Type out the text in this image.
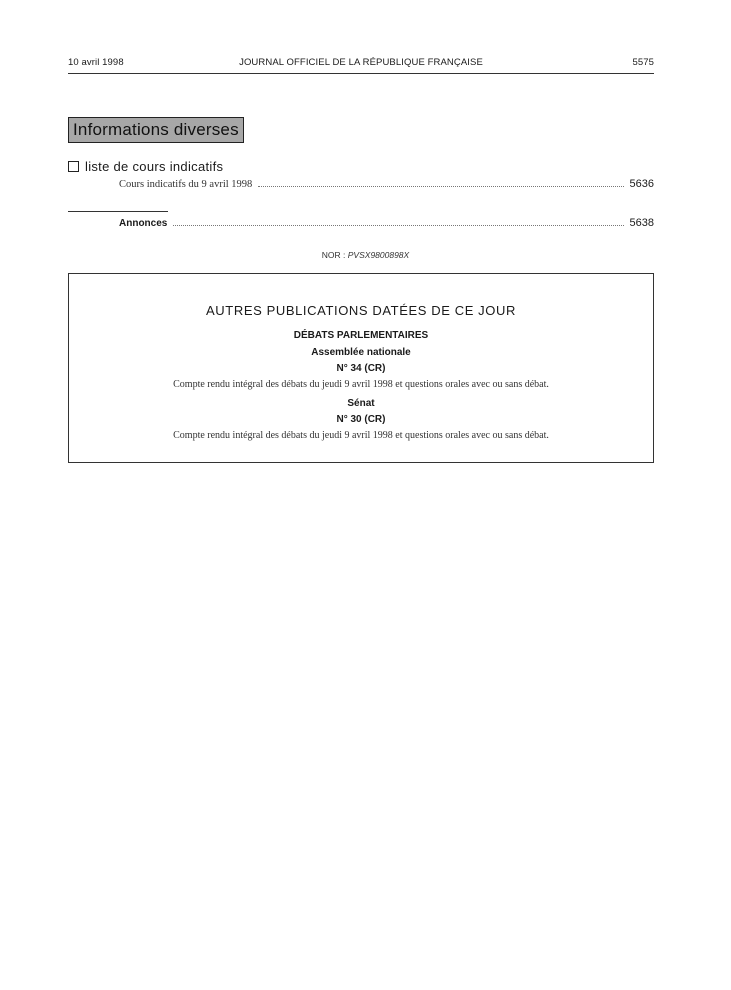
10 avril 1998	JOURNAL OFFICIEL DE LA RÉPUBLIQUE FRANÇAISE	5575
Informations diverses
liste de cours indicatifs
Cours indicatifs du 9 avril 1998	5636
Annonces	5638
NOR : PVSX9800898X
AUTRES PUBLICATIONS DATÉES DE CE JOUR
DÉBATS PARLEMENTAIRES
Assemblée nationale
N° 34 (CR)
Compte rendu intégral des débats du jeudi 9 avril 1998 et questions orales avec ou sans débat.
Sénat
N° 30 (CR)
Compte rendu intégral des débats du jeudi 9 avril 1998 et questions orales avec ou sans débat.
